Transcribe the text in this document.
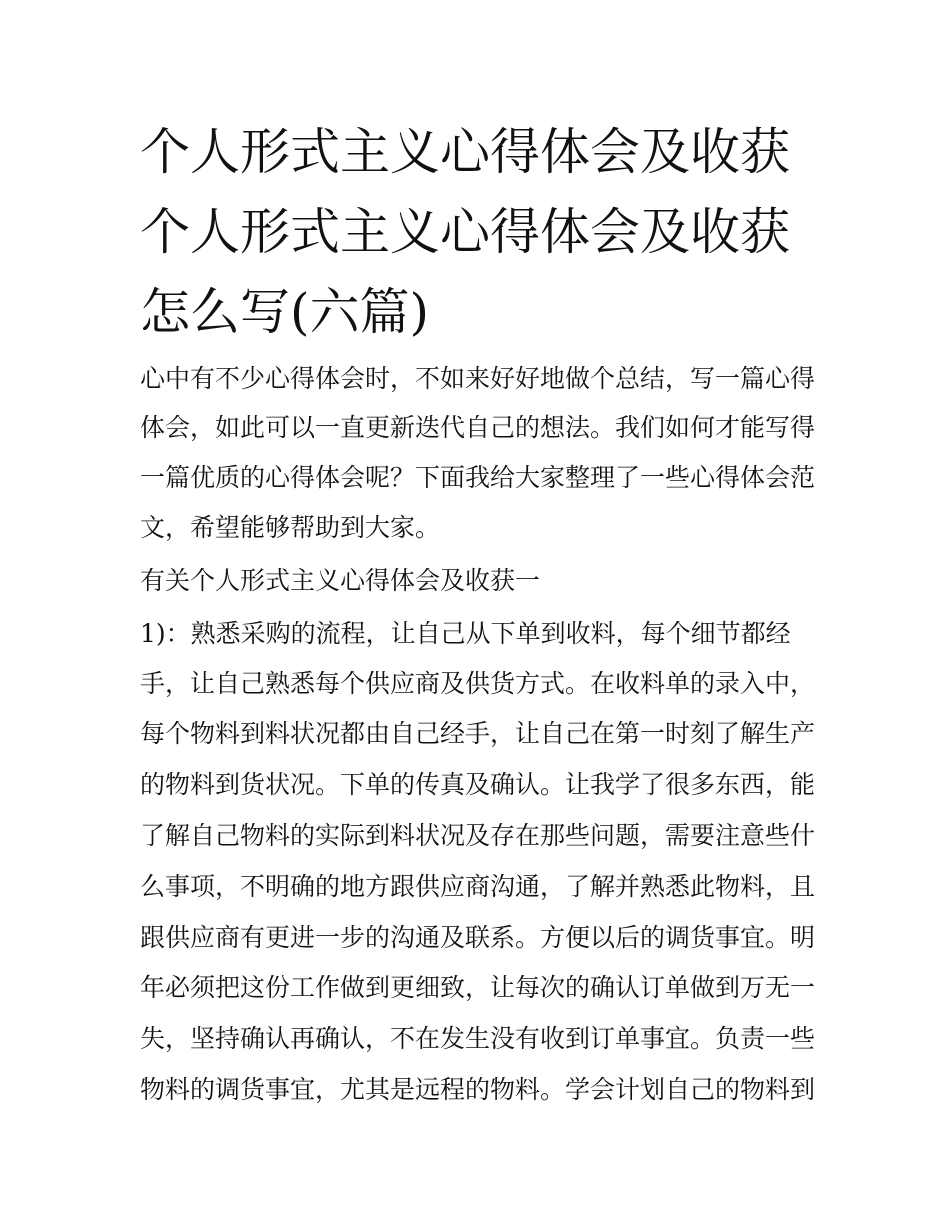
个人形式主义心得体会及收获
个人形式主义心得体会及收获
怎么写(六篇)
心中有不少心得体会时，不如来好好地做个总结，写一篇心得
体会，如此可以一直更新迭代自己的想法。我们如何才能写得
一篇优质的心得体会呢？下面我给大家整理了一些心得体会范
文，希望能够帮助到大家。
有关个人形式主义心得体会及收获一
1)：熟悉采购的流程，让自己从下单到收料，每个细节都经
手，让自己熟悉每个供应商及供货方式。在收料单的录入中，
每个物料到料状况都由自己经手，让自己在第一时刻了解生产
的物料到货状况。下单的传真及确认。让我学了很多东西，能
了解自己物料的实际到料状况及存在那些问题，需要注意些什
么事项，不明确的地方跟供应商沟通，了解并熟悉此物料，且
跟供应商有更进一步的沟通及联系。方便以后的调货事宜。明
年必须把这份工作做到更细致，让每次的确认订单做到万无一
失，坚持确认再确认，不在发生没有收到订单事宜。负责一些
物料的调货事宜，尤其是远程的物料。学会计划自己的物料到
